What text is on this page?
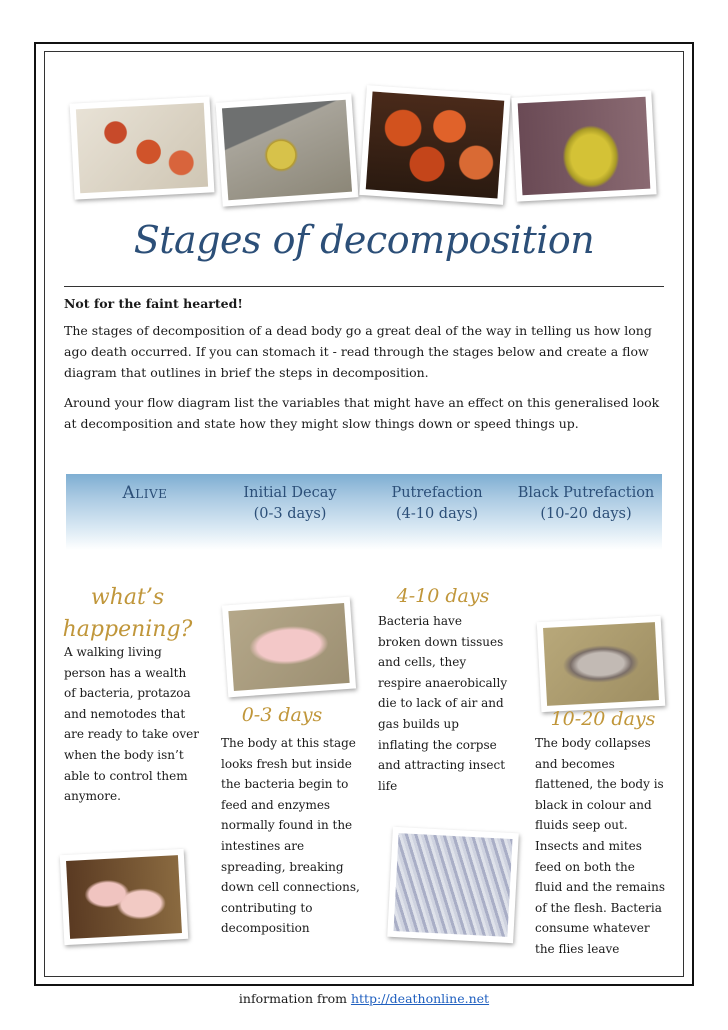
Stages of decomposition
Not for the faint hearted!
The stages of decomposition of a dead body go a great deal of the way in telling us how long ago death occurred. If you can stomach it - read through the stages below and create a flow diagram that outlines in brief the steps in decomposition.
Around your flow diagram list the variables that might have an effect on this generalised look at decomposition and state how they might slow things down or speed things up.
Alive	Initial Decay
(0-3 days)
Putrefaction
(4-10 days)
Black Putrefaction
(10-20 days)
what’s
happening?
A walking living person has a wealth of bacteria, protazoa and nemotodes that are ready to take over when the body isn’t able to control them anymore.
0-3 days
The body at this stage looks fresh but inside the bacteria begin to feed and enzymes normally found in the intestines are spreading, breaking down cell connections, contributing to decomposition
4-10 days
Bacteria have broken down tissues and cells, they respire anaerobically die to lack of air and gas builds up inflating the corpse and attracting insect life
10-20 days
The body collapses and becomes flattened, the body is black in colour and fluids seep out. Insects and mites feed on both the fluid and the remains of the flesh. Bacteria consume whatever the flies leave
information from http://deathonline.net
